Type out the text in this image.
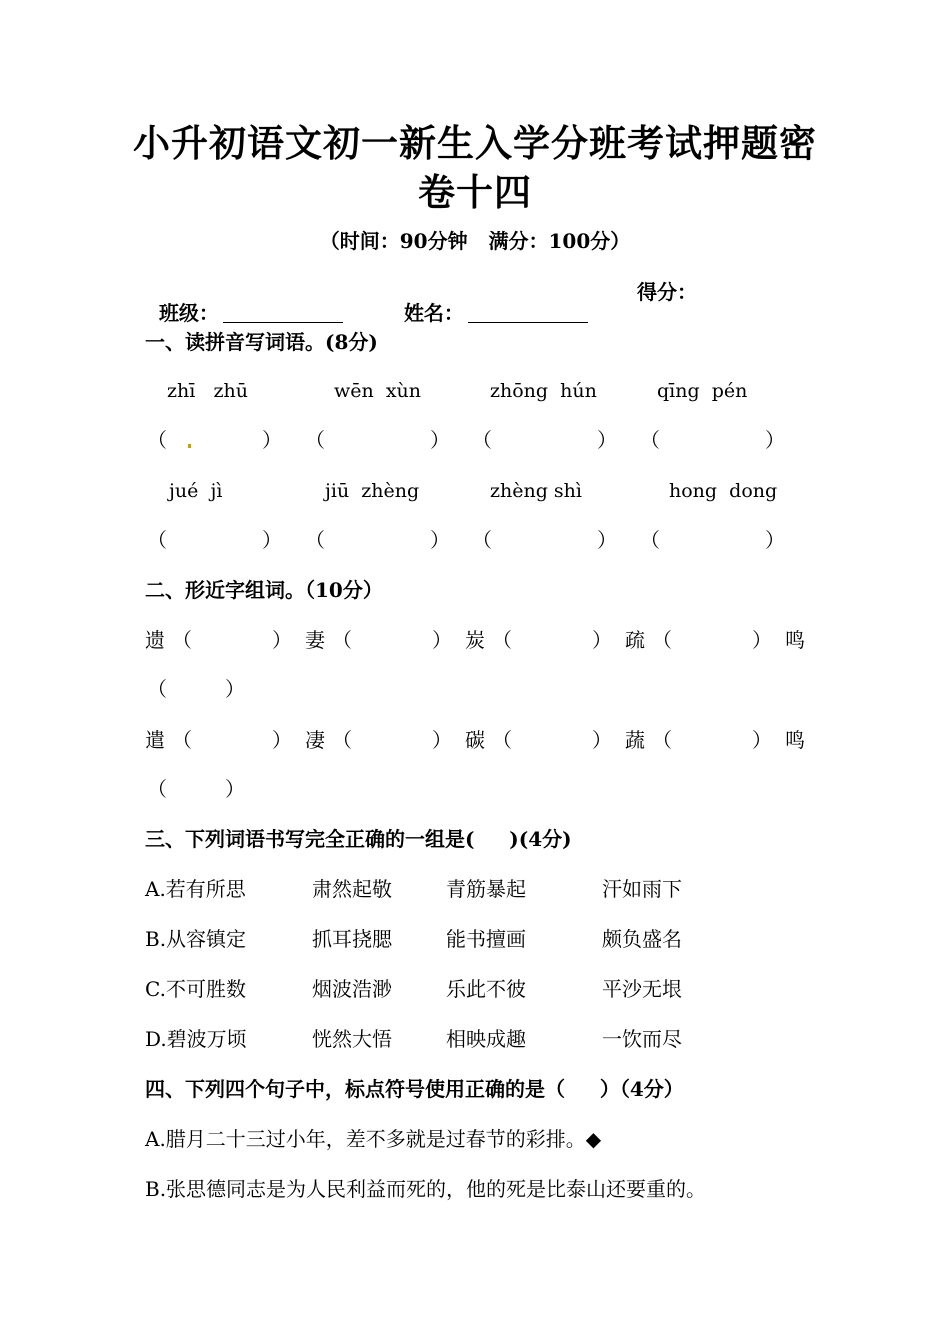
小升初语文初一新生入学分班考试押题密
卷十四
（时间：90分钟   满分：100分）

班级：	姓名：

得分：
一、读拼音写词语。(8分)
zhī   zhū	wēn  xùn	zhōng  hún	qīng  pén
（	） （	） （	） （	）
jué  jì	jiū  zhèng	zhèng shì	hong  dong
（	） （	） （	） （	）
二、形近字组词。（10分）
遗 （	） 妻 （	） 炭 （	） 疏 （	） 鸣
（	）
遣 （	） 凄 （	） 碳 （	） 蔬 （	） 鸣
（	）
三、下列词语书写完全正确的一组是(     )(4分)
A.若有所思	肃然起敬	青筋暴起	汗如雨下
B.从容镇定	抓耳挠腮	能书擅画	颇负盛名
C.不可胜数	烟波浩渺	乐此不彼	平沙无垠
D.碧波万顷	恍然大悟	相映成趣	一饮而尽
四、下列四个句子中，标点符号使用正确的是（     ）（4分）
A.腊月二十三过小年，差不多就是过春节的彩排。◆
B.张思德同志是为人民利益而死的，他的死是比泰山还要重的。
